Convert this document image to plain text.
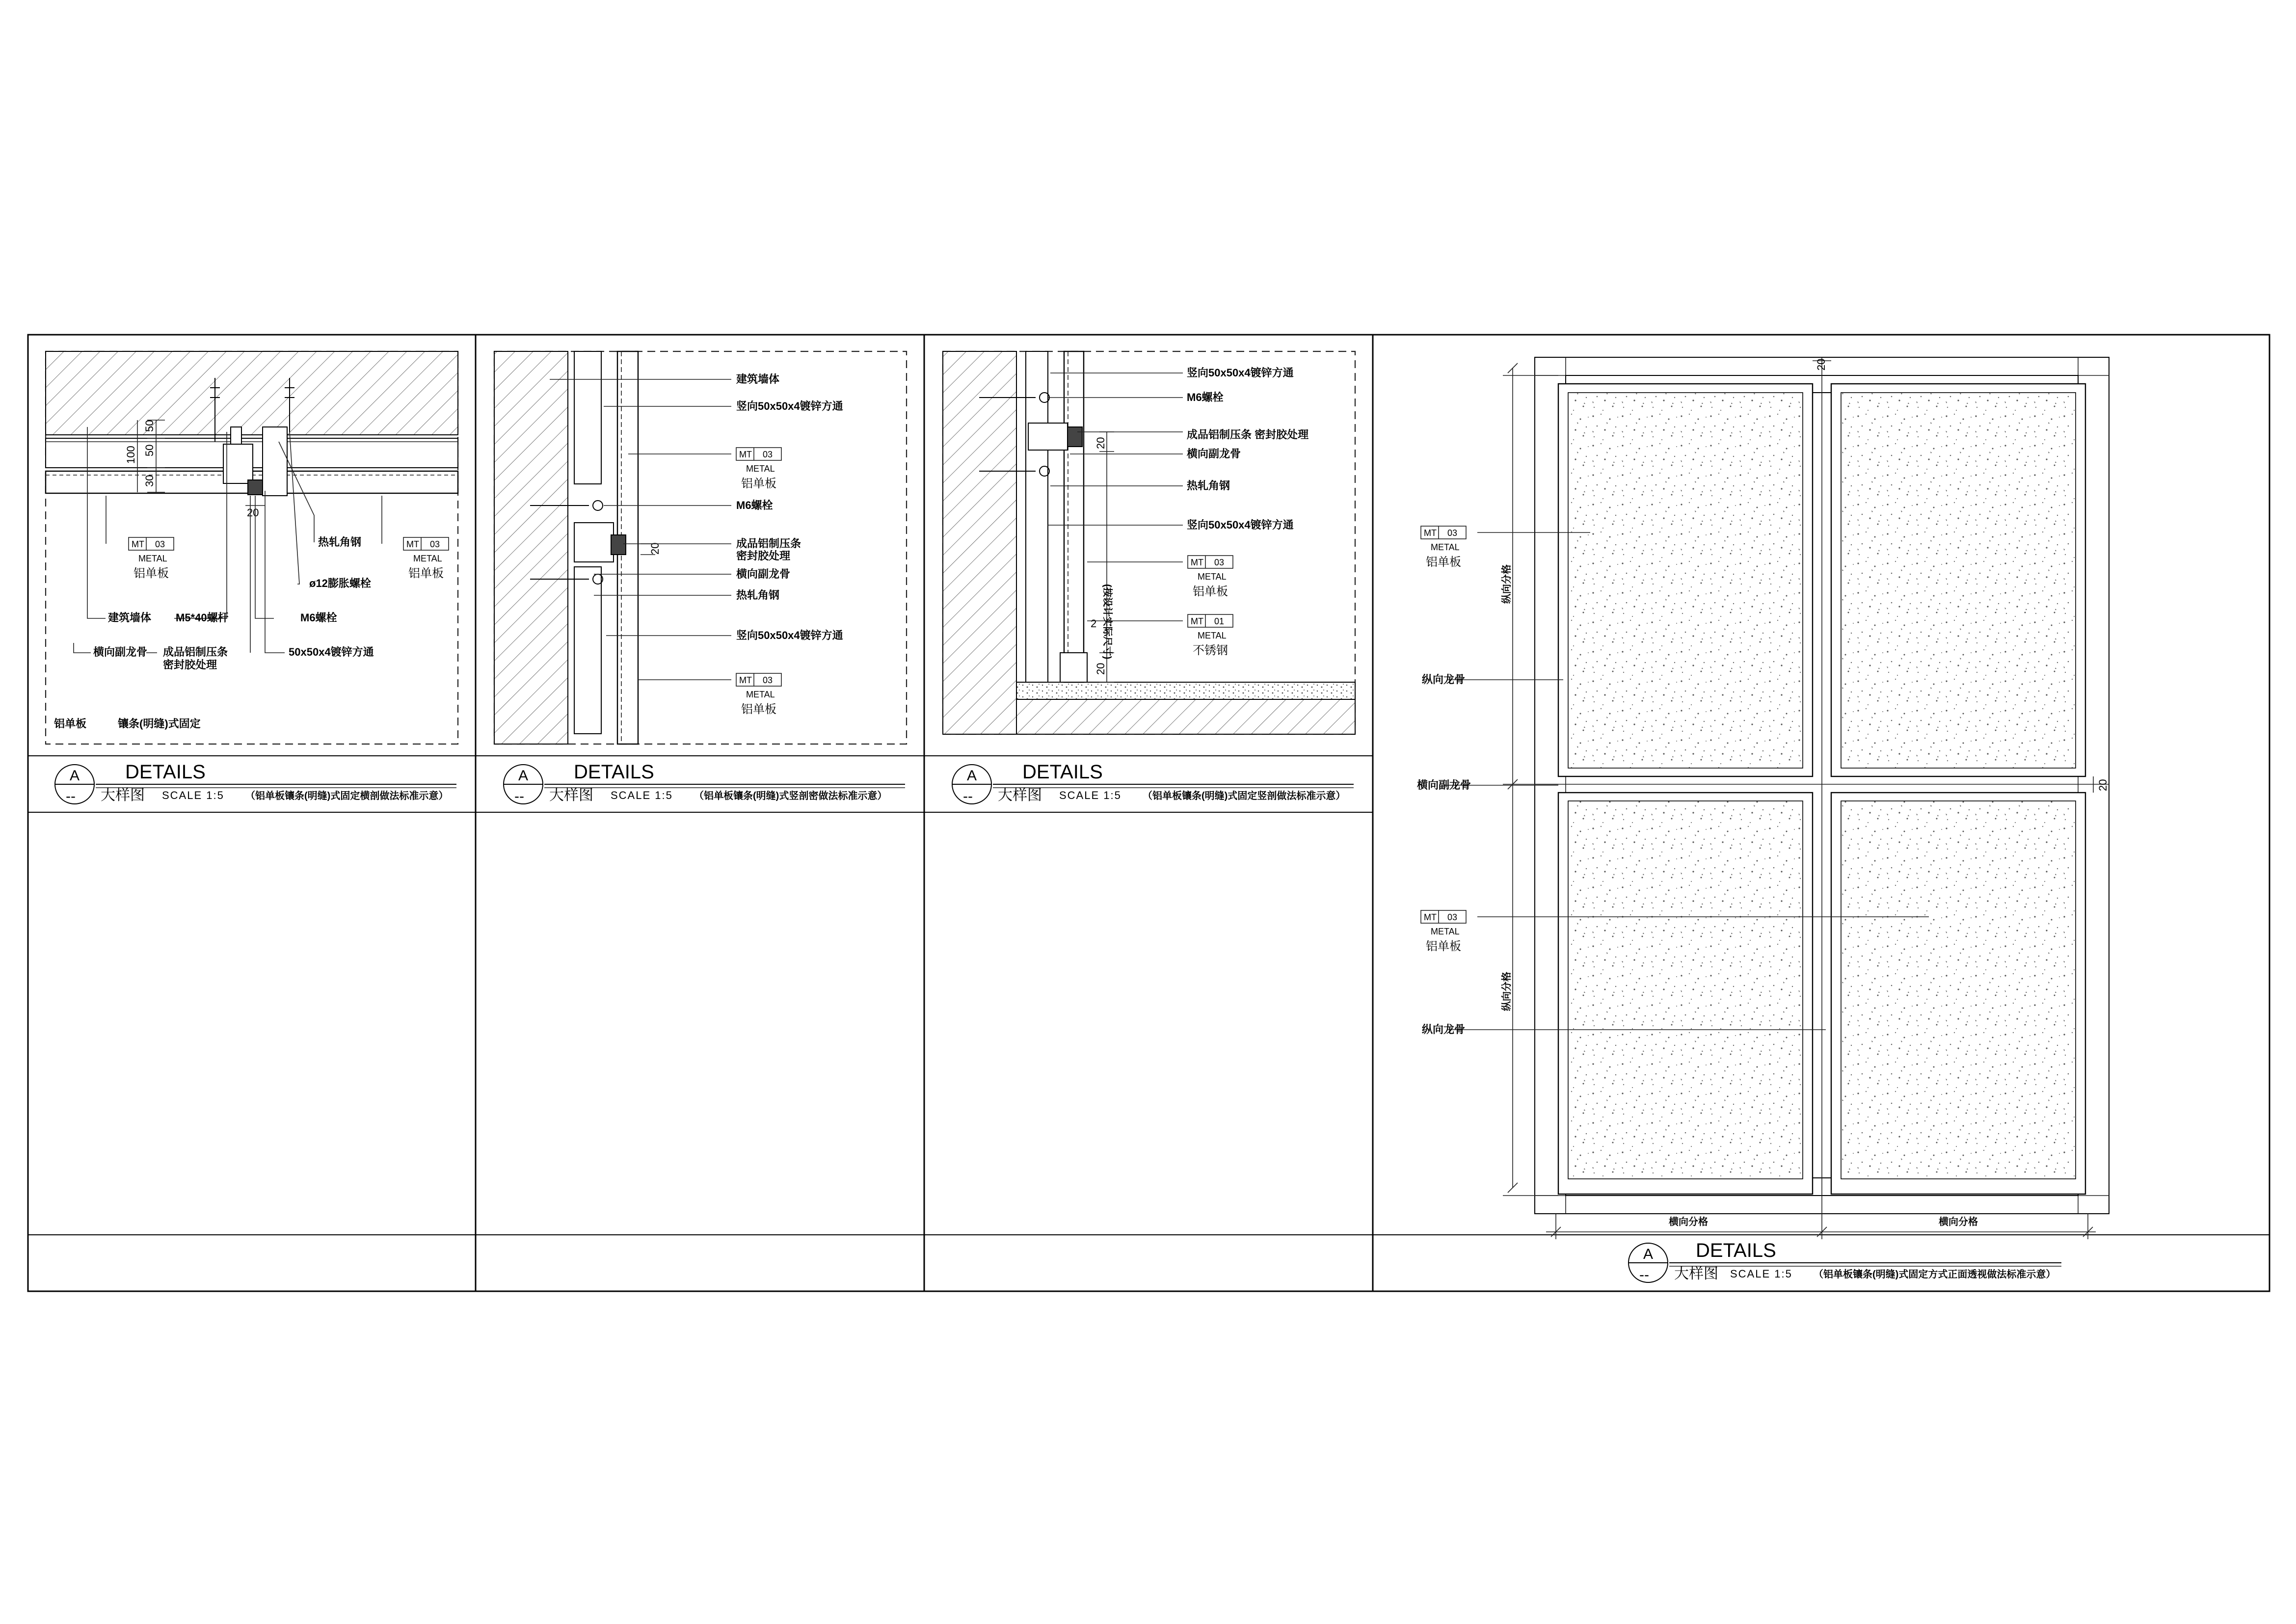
50
50
100
30
20
MT 03
METAL
铝单板
MT 03
METAL
铝单板
热轧角钢
ø12膨胀螺栓
建筑墙体 M5*40螺杆	M6螺栓
横向副龙骨 成品铝制压条
密封胶处理
50x50x4镀锌方通
铝单板	镶条(明缝)式固定
A
--
DETAILS
大样图 SCALE 1:5 （铝单板镶条(明缝)式固定横剖做法标准示意）
20
MT 03
METAL
铝单板
MT 03
METAL
铝单板
建筑墙体
竖向50x50x4镀锌方通
M6螺栓
成品铝制压条
密封胶处理
横向副龙骨
热轧角钢
竖向50x50x4镀锌方通
A
--
DETAILS
大样图 SCALE 1:5 （铝单板镶条(明缝)式竖剖密做法标准示意）
20
2
20
(按设计实际尺寸)
MT 03
METAL
铝单板
MT 01
METAL
不锈钢
竖向50x50x4镀锌方通
M6螺栓
成品铝制压条 密封胶处理
横向副龙骨
热轧角钢
竖向50x50x4镀锌方通
A
--
DETAILS
大样图 SCALE 1:5 （铝单板镶条(明缝)式固定竖剖做法标准示意）
纵向分格
纵向分格
横向分格	横向分格
20
20
MT 03
METAL
铝单板
MT 03
METAL
铝单板
纵向龙骨
横向副龙骨
纵向龙骨
A
--
DETAILS
大样图 SCALE 1:5 （铝单板镶条(明缝)式固定方式正面透视做法标准示意）
